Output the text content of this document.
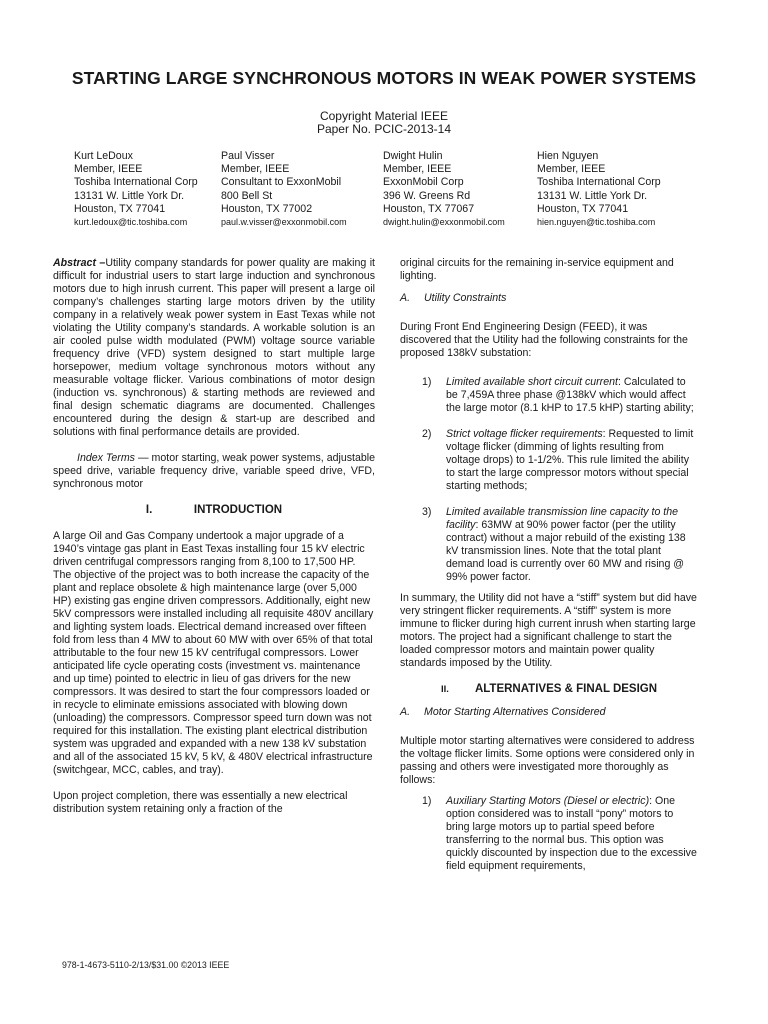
STARTING LARGE SYNCHRONOUS MOTORS IN WEAK POWER SYSTEMS
Copyright Material IEEE
Paper No. PCIC-2013-14
Kurt LeDoux
Member, IEEE
Toshiba International Corp
13131 W. Little York Dr.
Houston, TX 77041
kurt.ledoux@tic.toshiba.com
Paul Visser
Member, IEEE
Consultant to ExxonMobil
800 Bell St
Houston, TX 77002
paul.w.visser@exxonmobil.com
Dwight Hulin
Member, IEEE
ExxonMobil Corp
396 W. Greens Rd
Houston, TX 77067
dwight.hulin@exxonmobil.com
Hien Nguyen
Member, IEEE
Toshiba International Corp
13131 W. Little York Dr.
Houston, TX 77041
hien.nguyen@tic.toshiba.com

Abstract –Utility company standards for power quality are making it difficult for industrial users to start large induction and synchronous motors due to high inrush current. This paper will present a large oil company’s challenges starting large motors driven by the utility company in a relatively weak power system in East Texas while not violating the Utility company’s standards. A workable solution is an air cooled pulse width modulated (PWM) voltage source variable frequency drive (VFD) system designed to start multiple large horsepower, medium voltage synchronous motors without any measurable voltage flicker. Various combinations of motor design (induction vs. synchronous) & starting methods are reviewed and final design schematic diagrams are documented. Challenges encountered during the design & start-up are described and solutions with final performance details are provided.

Index Terms — motor starting, weak power systems, adjustable speed drive, variable frequency drive, variable speed drive, VFD, synchronous motor

I.	INTRODUCTION

A large Oil and Gas Company undertook a major upgrade of a 1940’s vintage gas plant in East Texas installing four 15 kV electric driven centrifugal compressors ranging from 8,100 to 17,500 HP. The objective of the project was to both increase the capacity of the plant and replace obsolete & high maintenance large (over 5,000 HP) existing gas engine driven compressors. Additionally, eight new 5kV compressors were installed including all requisite 480V ancillary and lighting system loads. Electrical demand increased over fifteen fold from less than 4 MW to about 60 MW with over 65% of that total attributable to the four new 15 kV centrifugal compressors. Lower anticipated life cycle operating costs (investment vs. maintenance and up time) pointed to electric in lieu of gas drivers for the new compressors. It was desired to start the four compressors loaded or in recycle to eliminate emissions associated with blowing down (unloading) the compressors. Compressor speed turn down was not required for this installation. The existing plant electrical distribution system was upgraded and expanded with a new 138 kV substation and all of the associated 15 kV, 5 kV, & 480V electrical infrastructure (switchgear, MCC, cables, and tray).

Upon project completion, there was essentially a new electrical distribution system retaining only a fraction of the

original circuits for the remaining in-service equipment and lighting.

A. Utility Constraints

During Front End Engineering Design (FEED), it was discovered that the Utility had the following constraints for the proposed 138kV substation:

1) Limited available short circuit current: Calculated to be 7,459A three phase @138kV which would affect the large motor (8.1 kHP to 17.5 kHP) starting ability;
2) Strict voltage flicker requirements: Requested to limit voltage flicker (dimming of lights resulting from voltage drops) to 1-1/2%. This rule limited the ability to start the large compressor motors without special starting methods;
3) Limited available transmission line capacity to the facility: 63MW at 90% power factor (per the utility contract) without a major rebuild of the existing 138 kV transmission lines. Note that the total plant demand load is currently over 60 MW and rising @ 99% power factor.

In summary, the Utility did not have a “stiff” system but did have very stringent flicker requirements. A “stiff” system is more immune to flicker during high current inrush when starting large motors. The project had a significant challenge to start the loaded compressor motors and maintain power quality standards imposed by the Utility.

II. ALTERNATIVES & FINAL DESIGN

A. Motor Starting Alternatives Considered

Multiple motor starting alternatives were considered to address the voltage flicker limits. Some options were considered only in passing and others were investigated more thoroughly as follows:

1) Auxiliary Starting Motors (Diesel or electric): One option considered was to install “pony” motors to bring large motors up to partial speed before transferring to the normal bus. This option was quickly discounted by inspection due to the excessive field equipment requirements,
978-1-4673-5110-2/13/$31.00 ©2013 IEEE
